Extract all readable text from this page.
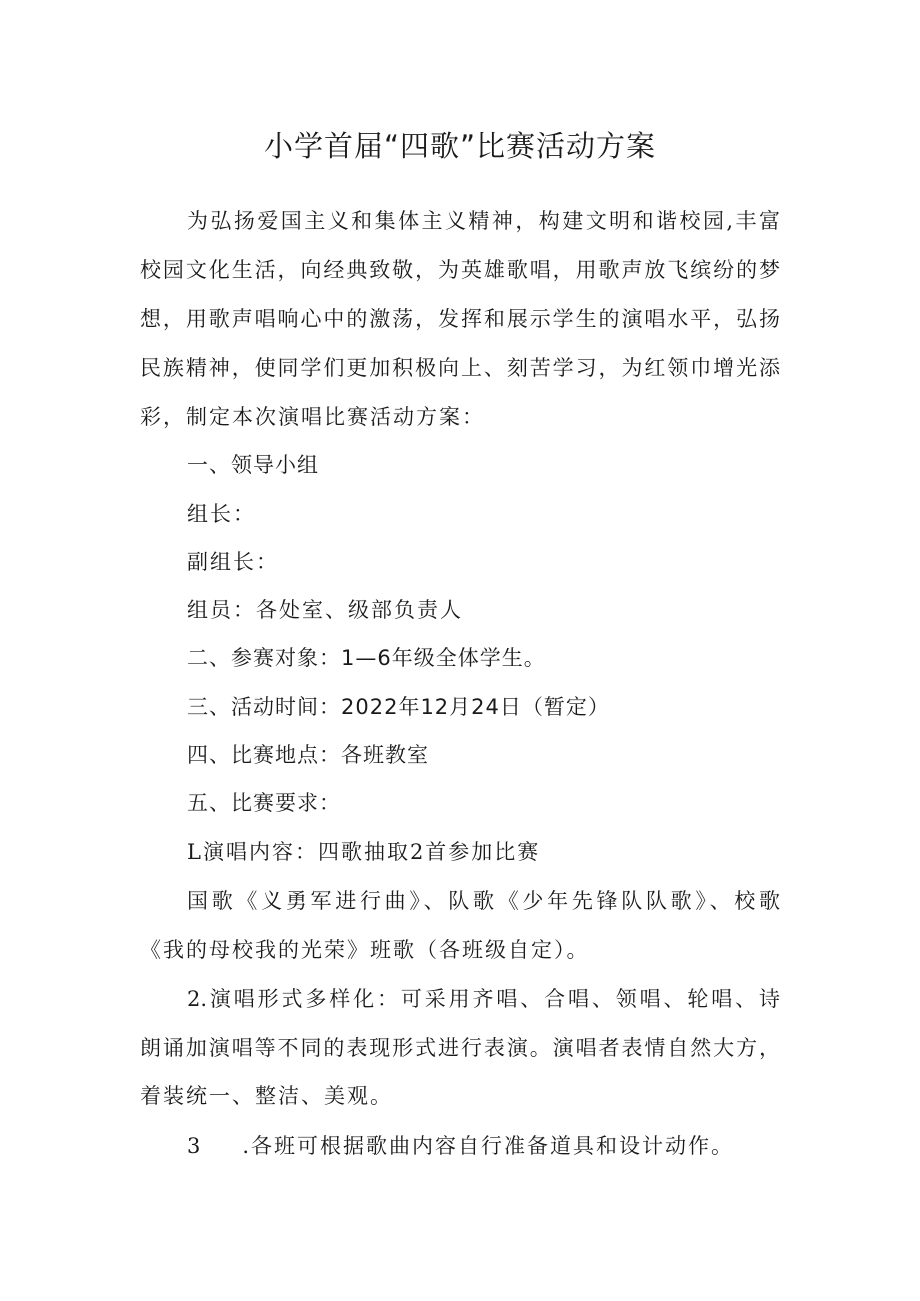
小学首届“四歌”比赛活动方案
为弘扬爱国主义和集体主义精神，构建文明和谐校园,丰富
校园文化生活，向经典致敬，为英雄歌唱，用歌声放飞缤纷的梦
想，用歌声唱响心中的激荡，发挥和展示学生的演唱水平，弘扬
民族精神，使同学们更加积极向上、刻苦学习，为红领巾增光添
彩，制定本次演唱比赛活动方案：
一、领导小组
组长：
副组长：
组员：各处室、级部负责人
二、参赛对象：1—6年级全体学生。
三、活动时间：2022年12月24日（暂定）
四、比赛地点：各班教室
五、比赛要求：
L演唱内容：四歌抽取2首参加比赛
国歌《义勇军进行曲》、队歌《少年先锋队队歌》、校歌
《我的母校我的光荣》班歌（各班级自定）。
2.演唱形式多样化：可采用齐唱、合唱、领唱、轮唱、诗
朗诵加演唱等不同的表现形式进行表演。演唱者表情自然大方，
着装统一、整洁、美观。
3 .各班可根据歌曲内容自行准备道具和设计动作。
